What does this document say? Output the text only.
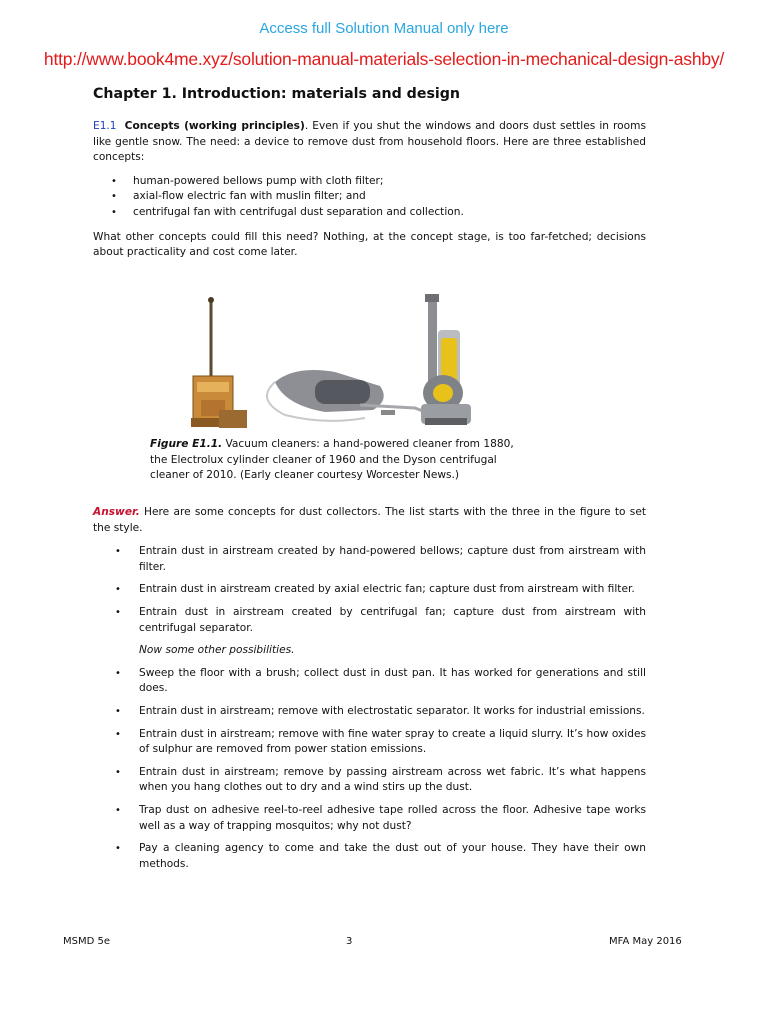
Access full Solution Manual only here
http://www.book4me.xyz/solution-manual-materials-selection-in-mechanical-design-ashby/
Chapter 1. Introduction: materials and design

E1.1 Concepts (working principles). Even if you shut the windows and doors dust settles in rooms like gentle snow. The need: a device to remove dust from household floors. Here are three established concepts:

• human-powered bellows pump with cloth filter;
• axial-flow electric fan with muslin filter; and
• centrifugal fan with centrifugal dust separation and collection.

What other concepts could fill this need? Nothing, at the concept stage, is too far-fetched; decisions about practicality and cost come later.

Figure E1.1. Vacuum cleaners: a hand-powered cleaner from 1880, the Electrolux cylinder cleaner of 1960 and the Dyson centrifugal cleaner of 2010. (Early cleaner courtesy Worcester News.)

Answer. Here are some concepts for dust collectors. The list starts with the three in the figure to set the style.

• Entrain dust in airstream created by hand-powered bellows; capture dust from airstream with filter.
• Entrain dust in airstream created by axial electric fan; capture dust from airstream with filter.
• Entrain dust in airstream created by centrifugal fan; capture dust from airstream with centrifugal separator.

Now some other possibilities.

• Sweep the floor with a brush; collect dust in dust pan. It has worked for generations and still does.
• Entrain dust in airstream; remove with electrostatic separator. It works for industrial emissions.
• Entrain dust in airstream; remove with fine water spray to create a liquid slurry. It’s how oxides of sulphur are removed from power station emissions.
• Entrain dust in airstream; remove by passing airstream across wet fabric. It’s what happens when you hang clothes out to dry and a wind stirs up the dust.
• Trap dust on adhesive reel-to-reel adhesive tape rolled across the floor. Adhesive tape works well as a way of trapping mosquitos; why not dust?
• Pay a cleaning agency to come and take the dust out of your house. They have their own methods.
MSMD 5e	3	MFA May 2016
